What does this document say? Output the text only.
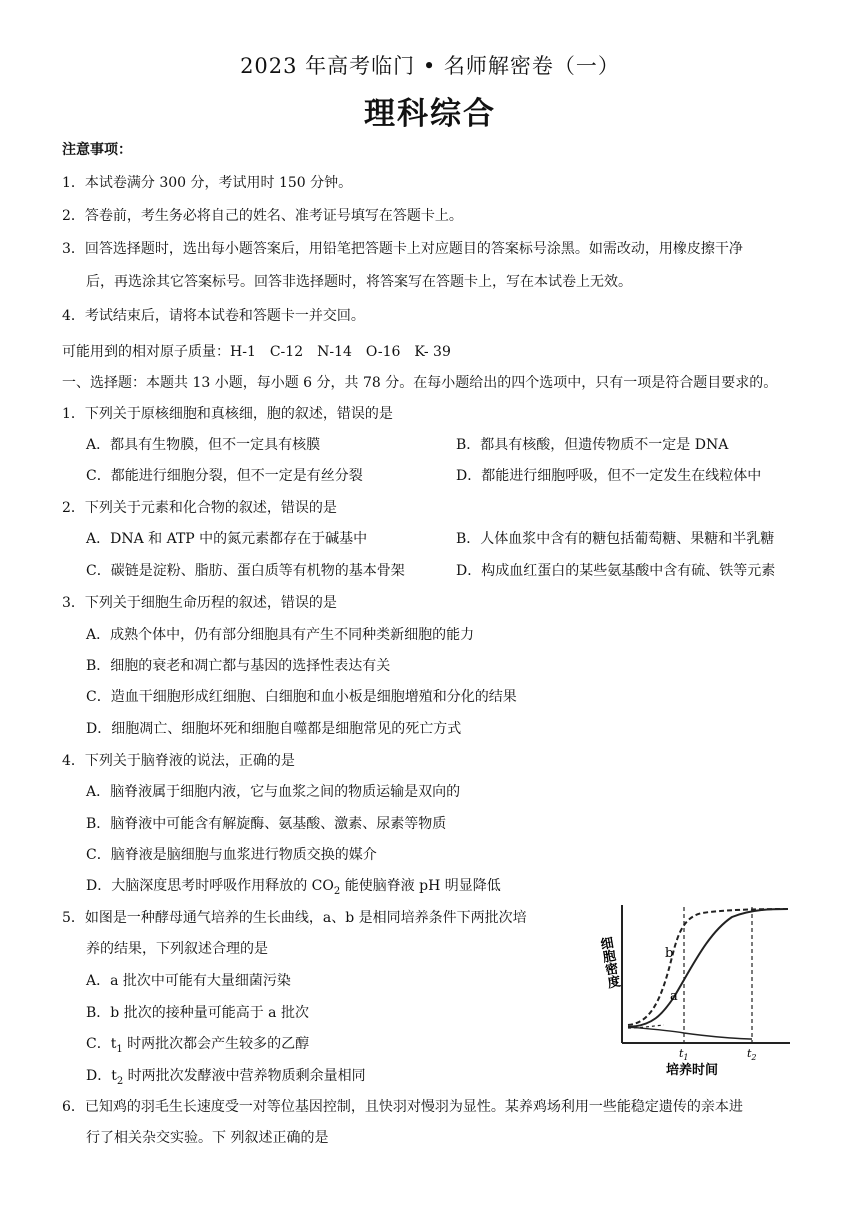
2023 年高考临门 • 名师解密卷（一）
理科综合
注意事项：
1．本试卷满分 300 分，考试用时 150 分钟。
2．答卷前，考生务必将自己的姓名、准考证号填写在答题卡上。
3．回答选择题时，选出每小题答案后，用铅笔把答题卡上对应题目的答案标号涂黑。如需改动，用橡皮擦干净
后，再选涂其它答案标号。回答非选择题时，将答案写在答题卡上，写在本试卷上无效。
4．考试结束后，请将本试卷和答题卡一并交回。
可能用到的相对原子质量：H-1　C-12　N-14　O-16　K- 39
一、选择题：本题共 13 小题，每小题 6 分，共 78 分。在每小题给出的四个选项中，只有一项是符合题目要求的。
1．下列关于原核细胞和真核细，胞的叙述，错误的是
A．都具有生物膜，但不一定具有核膜	B．都具有核酸，但遗传物质不一定是 DNA
C．都能进行细胞分裂，但不一定是有丝分裂	D．都能进行细胞呼吸，但不一定发生在线粒体中
2．下列关于元素和化合物的叙述，错误的是
A．DNA 和 ATP 中的氮元素都存在于碱基中	B．人体血浆中含有的糖包括葡萄糖、果糖和半乳糖
C．碳链是淀粉、脂肪、蛋白质等有机物的基本骨架	D．构成血红蛋白的某些氨基酸中含有硫、铁等元素
3．下列关于细胞生命历程的叙述，错误的是
A．成熟个体中，仍有部分细胞具有产生不同种类新细胞的能力
B．细胞的衰老和凋亡都与基因的选择性表达有关
C．造血干细胞形成红细胞、白细胞和血小板是细胞增殖和分化的结果
D．细胞凋亡、细胞坏死和细胞自噬都是细胞常见的死亡方式
4．下列关于脑脊液的说法，正确的是
A．脑脊液属于细胞内液，它与血浆之间的物质运输是双向的
B．脑脊液中可能含有解旋酶、氨基酸、激素、尿素等物质
C．脑脊液是脑细胞与血浆进行物质交换的媒介
D．大脑深度思考时呼吸作用释放的 $CO_2$ 能使脑脊液 pH 明显降低
5．如图是一种酵母通气培养的生长曲线，a、b 是相同培养条件下两批次培
养的结果，下列叙述合理的是
A．a 批次中可能有大量细菌污染
B．b 批次的接种量可能高于 a 批次
C．$t_1$ 时两批次都会产生较多的乙醇
D．$t_2$ 时两批次发酵液中营养物质剩余量相同
细胞密度	b
a
$t_1$	$t_2$
培养时间
6．已知鸡的羽毛生长速度受一对等位基因控制，且快羽对慢羽为显性。某养鸡场利用一些能稳定遗传的亲本进
行了相关杂交实验。下 列叙述正确的是
